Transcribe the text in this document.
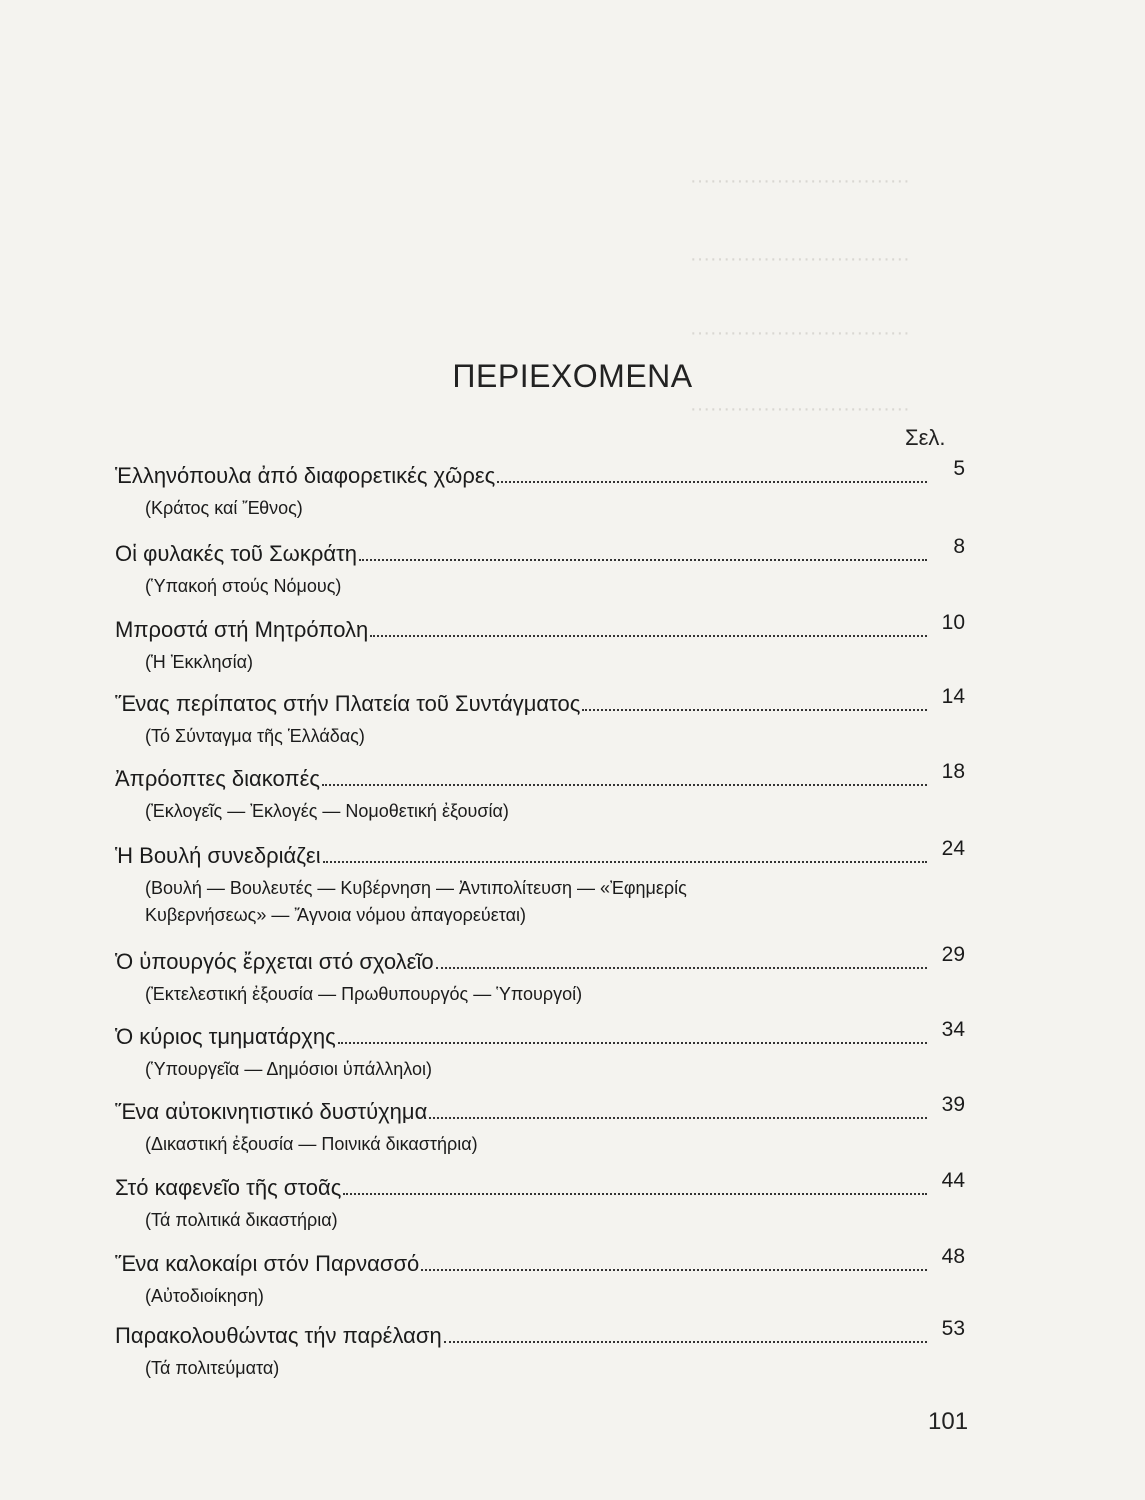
·································
·································
·································
·································
ΠΕΡΙΕΧΟΜΕΝΑ
Σελ.
Ἑλληνόπουλα ἀπό διαφορετικές χῶρες	5
(Κράτος καί Ἔθνος)
Οἱ φυλακές τοῦ Σωκράτη	8
(Ὑπακοή στούς Νόμους)
Μπροστά στή Μητρόπολη	10
(Ἡ Ἐκκλησία)
Ἕνας περίπατος στήν Πλατεία τοῦ Συντάγματος	14
(Τό Σύνταγμα τῆς Ἑλλάδας)
Ἀπρόοπτες διακοπές	18
(Ἐκλογεῖς — Ἐκλογές — Νομοθετική ἐξουσία)
Ἡ Βουλή συνεδριάζει	24
(Βουλή — Βουλευτές — Κυβέρνηση — Ἀντιπολίτευση — «Ἐφημερίς
Κυβερνήσεως» — Ἄγνοια νόμου ἀπαγορεύεται)
Ὁ ὑπουργός ἔρχεται στό σχολεῖο	29
(Ἐκτελεστική ἐξουσία — Πρωθυπουργός — Ὑπουργοί)
Ὁ κύριος τμηματάρχης	34
(Ὑπουργεῖα — Δημόσιοι ὑπάλληλοι)
Ἕνα αὐτοκινητιστικό δυστύχημα	39
(Δικαστική ἐξουσία — Ποινικά δικαστήρια)
Στό καφενεῖο τῆς στοᾶς	44
(Τά πολιτικά δικαστήρια)
Ἕνα καλοκαίρι στόν Παρνασσό	48
(Αὐτοδιοίκηση)
Παρακολουθώντας τήν παρέλαση	53
(Τά πολιτεύματα)
101
